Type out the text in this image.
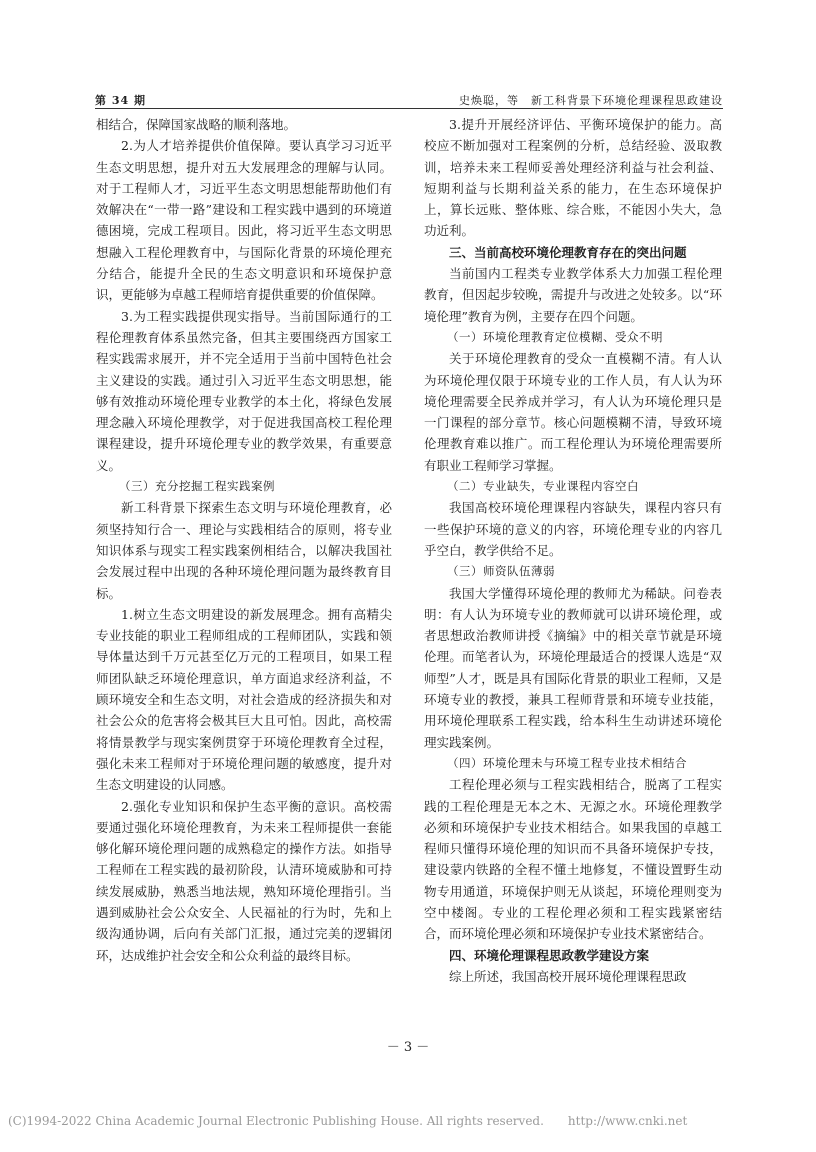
第 34 期	史焕聪，等　新工科背景下环境伦理课程思政建设

相结合，保障国家战略的顺利落地。

2.为人才培养提供价值保障。要认真学习习近平生态文明思想，提升对五大发展理念的理解与认同。对于工程师人才，习近平生态文明思想能帮助他们有效解决在“一带一路”建设和工程实践中遇到的环境道德困境，完成工程项目。因此，将习近平生态文明思想融入工程伦理教育中，与国际化背景的环境伦理充分结合，能提升全民的生态文明意识和环境保护意识，更能够为卓越工程师培育提供重要的价值保障。

3.为工程实践提供现实指导。当前国际通行的工程伦理教育体系虽然完备，但其主要围绕西方国家工程实践需求展开，并不完全适用于当前中国特色社会主义建设的实践。通过引入习近平生态文明思想，能够有效推动环境伦理专业教学的本土化，将绿色发展理念融入环境伦理教学，对于促进我国高校工程伦理课程建设，提升环境伦理专业的教学效果，有重要意义。

（三）充分挖掘工程实践案例

新工科背景下探索生态文明与环境伦理教育，必须坚持知行合一、理论与实践相结合的原则，将专业知识体系与现实工程实践案例相结合，以解决我国社会发展过程中出现的各种环境伦理问题为最终教育目标。

1.树立生态文明建设的新发展理念。拥有高精尖专业技能的职业工程师组成的工程师团队，实践和领导体量达到千万元甚至亿万元的工程项目，如果工程师团队缺乏环境伦理意识，单方面追求经济利益，不顾环境安全和生态文明，对社会造成的经济损失和对社会公众的危害将会极其巨大且可怕。因此，高校需将情景教学与现实案例贯穿于环境伦理教育全过程，强化未来工程师对于环境伦理问题的敏感度，提升对生态文明建设的认同感。

2.强化专业知识和保护生态平衡的意识。高校需要通过强化环境伦理教育，为未来工程师提供一套能够化解环境伦理问题的成熟稳定的操作方法。如指导工程师在工程实践的最初阶段，认清环境威胁和可持续发展威胁，熟悉当地法规，熟知环境伦理指引。当遇到威胁社会公众安全、人民福祉的行为时，先和上级沟通协调，后向有关部门汇报，通过完美的逻辑闭环，达成维护社会安全和公众利益的最终目标。

3.提升开展经济评估、平衡环境保护的能力。高校应不断加强对工程案例的分析，总结经验、汲取教训，培养未来工程师妥善处理经济利益与社会利益、短期利益与长期利益关系的能力，在生态环境保护上，算长远账、整体账、综合账，不能因小失大，急功近利。

三、当前高校环境伦理教育存在的突出问题

当前国内工程类专业教学体系大力加强工程伦理教育，但因起步较晚，需提升与改进之处较多。以“环境伦理”教育为例，主要存在四个问题。

（一）环境伦理教育定位模糊、受众不明

关于环境伦理教育的受众一直模糊不清。有人认为环境伦理仅限于环境专业的工作人员，有人认为环境伦理需要全民养成并学习，有人认为环境伦理只是一门课程的部分章节。核心问题模糊不清，导致环境伦理教育难以推广。而工程伦理认为环境伦理需要所有职业工程师学习掌握。

（二）专业缺失，专业课程内容空白

我国高校环境伦理课程内容缺失，课程内容只有一些保护环境的意义的内容，环境伦理专业的内容几乎空白，教学供给不足。

（三）师资队伍薄弱

我国大学懂得环境伦理的教师尤为稀缺。问卷表明：有人认为环境专业的教师就可以讲环境伦理，或者思想政治教师讲授《摘编》中的相关章节就是环境伦理。而笔者认为，环境伦理最适合的授课人选是“双师型”人才，既是具有国际化背景的职业工程师，又是环境专业的教授，兼具工程师背景和环境专业技能，用环境伦理联系工程实践，给本科生生动讲述环境伦理实践案例。

（四）环境伦理未与环境工程专业技术相结合

工程伦理必须与工程实践相结合，脱离了工程实践的工程伦理是无本之木、无源之水。环境伦理教学必须和环境保护专业技术相结合。如果我国的卓越工程师只懂得环境伦理的知识而不具备环境保护专技，建设蒙内铁路的全程不懂土地修复，不懂设置野生动物专用通道，环境保护则无从谈起，环境伦理则变为空中楼阁。专业的工程伦理必须和工程实践紧密结合，而环境伦理必须和环境保护专业技术紧密结合。

四、环境伦理课程思政教学建设方案

综上所述，我国高校开展环境伦理课程思政

－ 3 －
(C)1994-2022 China Academic Journal Electronic Publishing House. All rights reserved.　　http://www.cnki.net
